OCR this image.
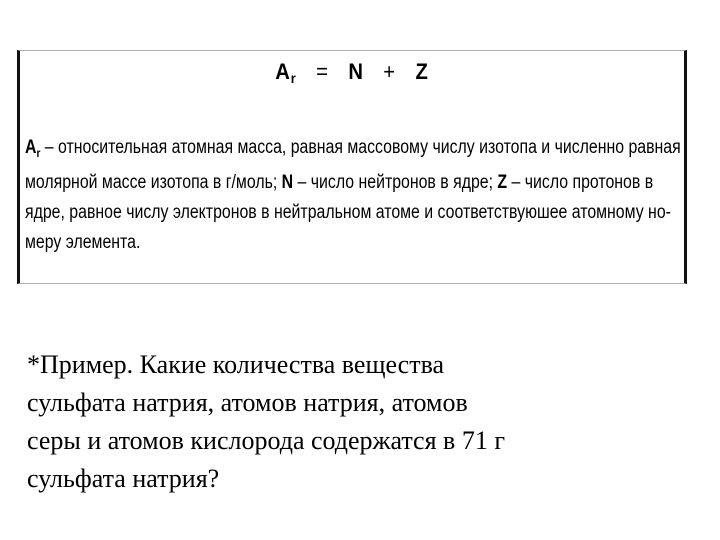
$A_r = N + Z$
$A_r$ – относительная атомная масса, равная массовому числу изотопа и численно равная
молярной массе изотопа в г/моль; N – число нейтронов в ядре; Z – число протонов в
ядре, равное числу электронов в нейтральном атоме и соответствуюшее атомному но-
меру элемента.
*Пример. Какие количества вещества
сульфата натрия, атомов натрия, атомов
серы и атомов кислорода содержатся в 71 г
сульфата натрия?
